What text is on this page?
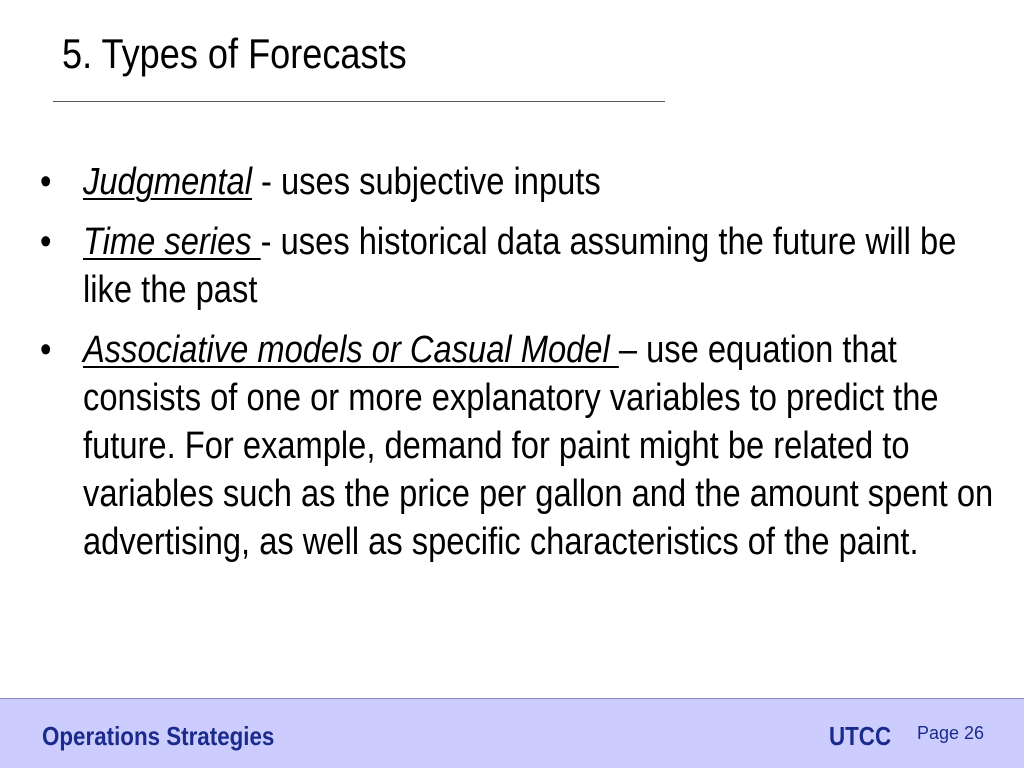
5. Types of Forecasts
• Judgmental - uses subjective inputs
• Time series - uses historical data assuming the future will be like the past
• Associative models or Casual Model – use equation that consists of one or more explanatory variables to predict the future. For example, demand for paint might be related to variables such as the price per gallon and the amount spent on advertising, as well as specific characteristics of the paint.
Operations Strategies	UTCC Page 26
